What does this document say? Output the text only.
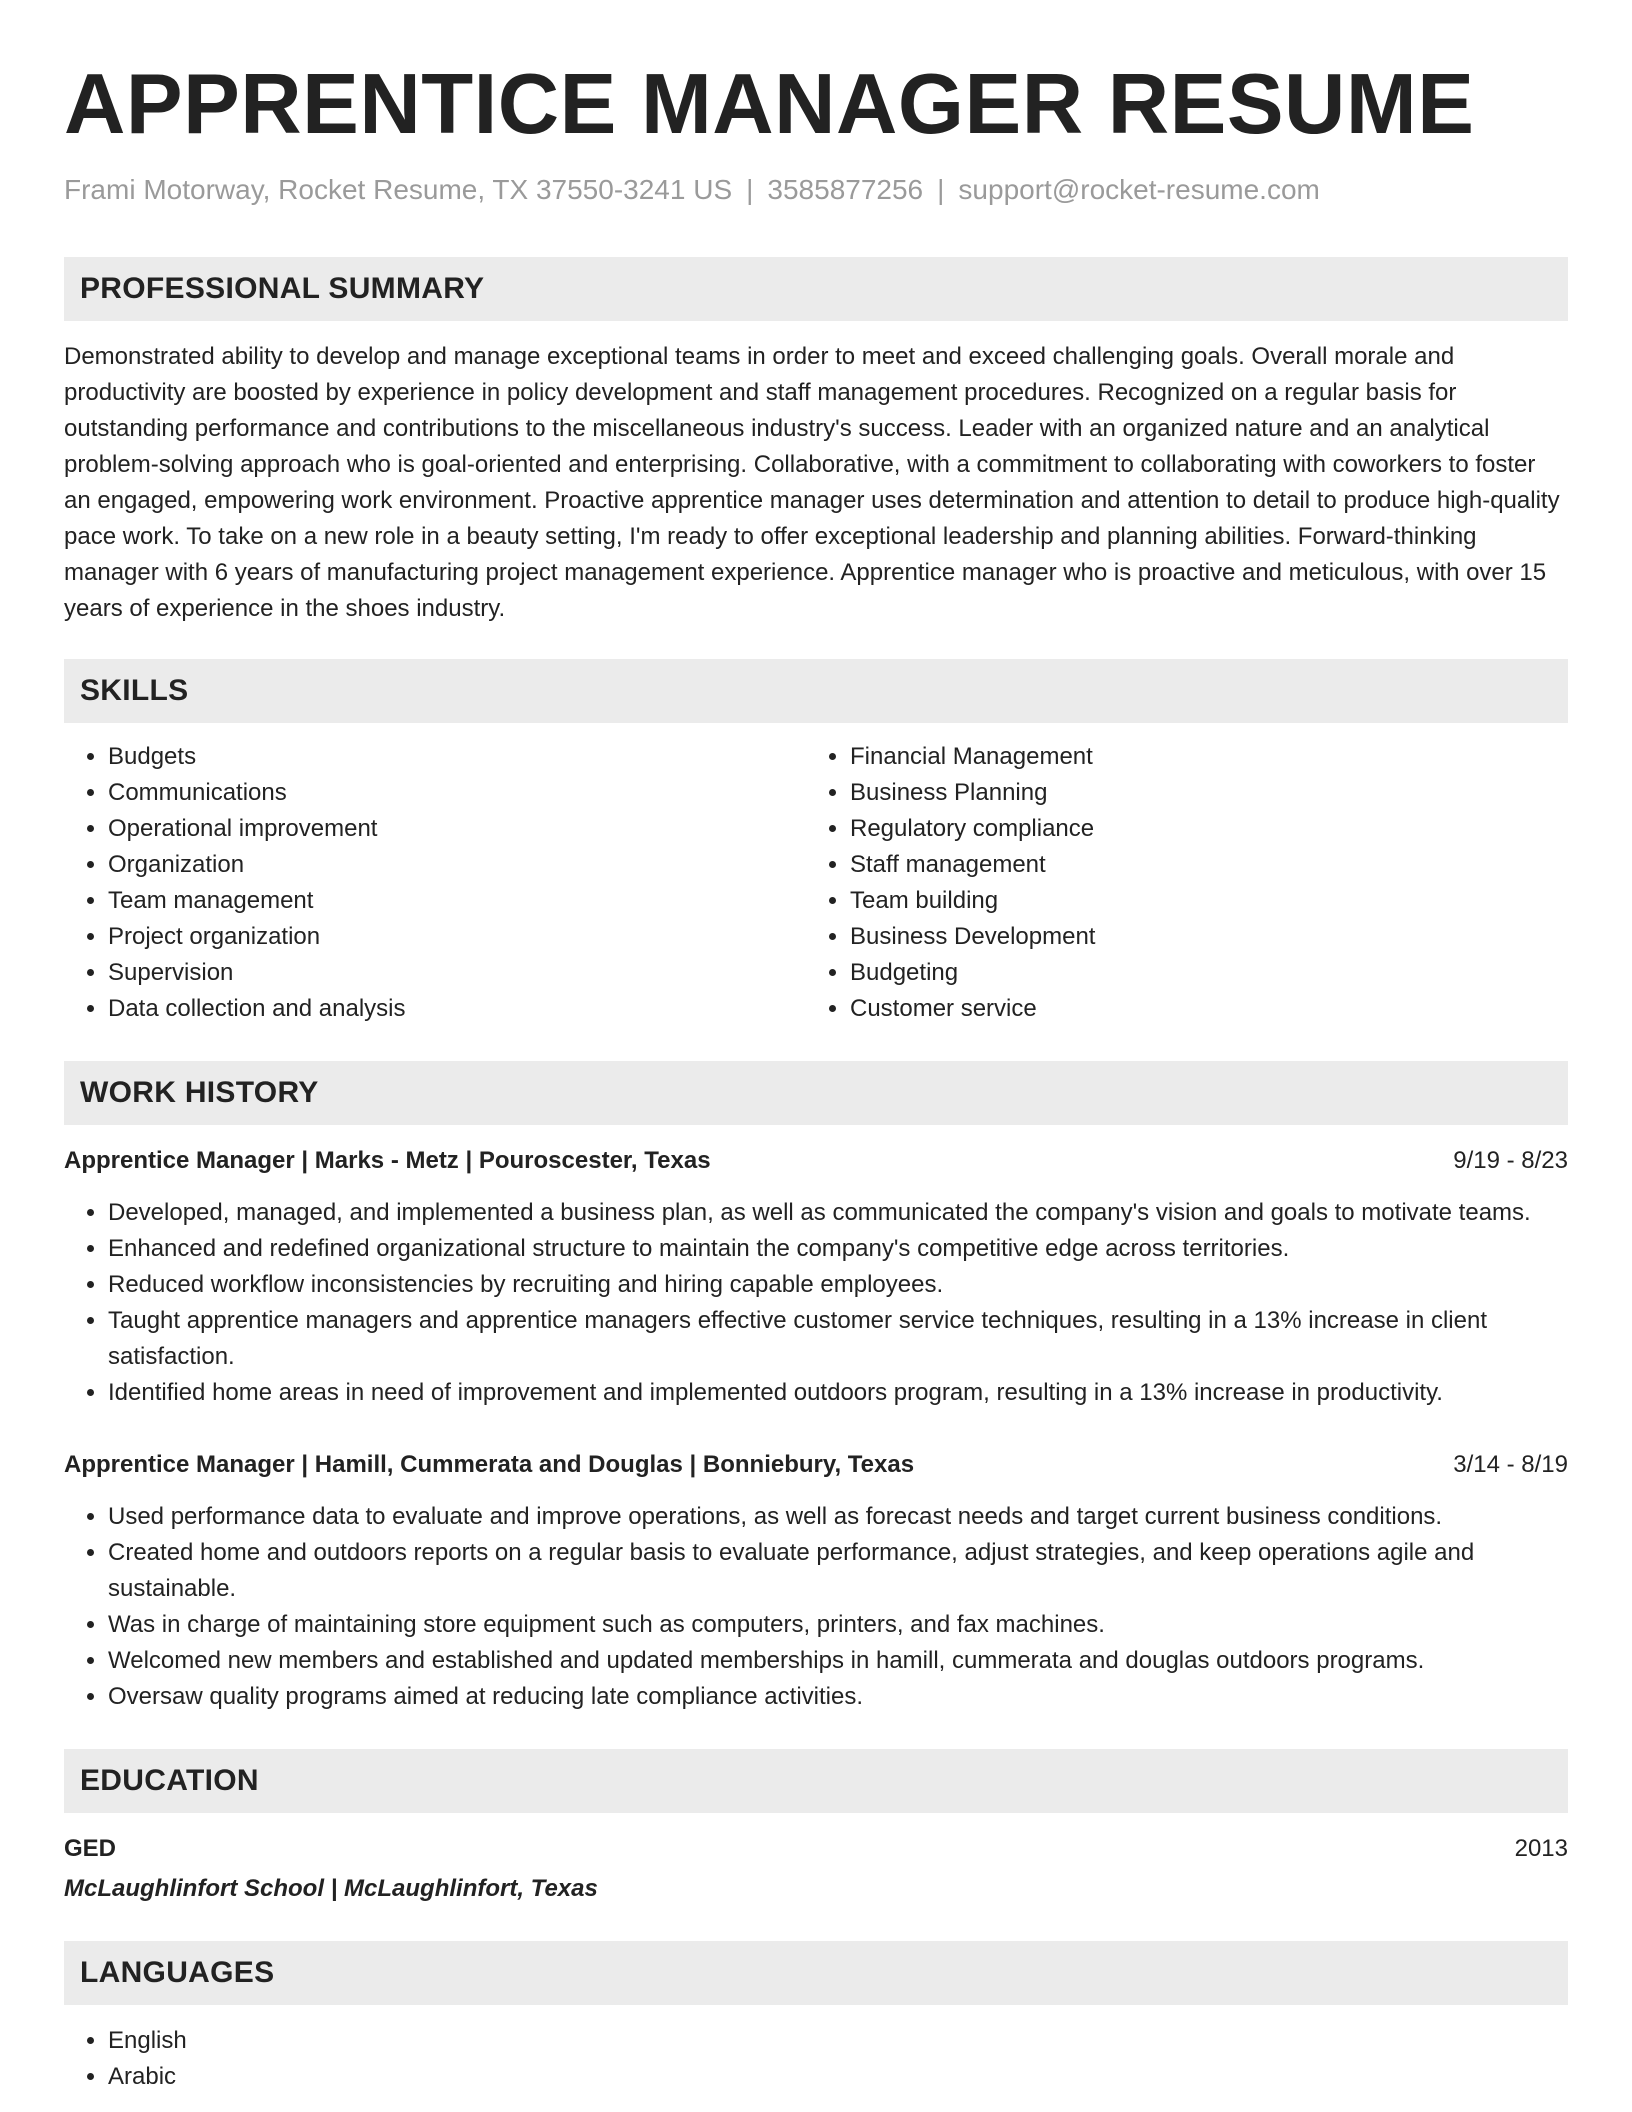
APPRENTICE MANAGER RESUME
Frami Motorway, Rocket Resume, TX 37550-3241 US | 3585877256 | support@rocket-resume.com
PROFESSIONAL SUMMARY

Demonstrated ability to develop and manage exceptional teams in order to meet and exceed challenging goals. Overall morale and productivity are boosted by experience in policy development and staff management procedures. Recognized on a regular basis for outstanding performance and contributions to the miscellaneous industry's success. Leader with an organized nature and an analytical problem-solving approach who is goal-oriented and enterprising. Collaborative, with a commitment to collaborating with coworkers to foster an engaged, empowering work environment. Proactive apprentice manager uses determination and attention to detail to produce high-quality pace work. To take on a new role in a beauty setting, I'm ready to offer exceptional leadership and planning abilities. Forward-thinking manager with 6 years of manufacturing project management experience. Apprentice manager who is proactive and meticulous, with over 15 years of experience in the shoes industry.

SKILLS
• Budgets
• Communications
• Operational improvement
• Organization
• Team management
• Project organization
• Supervision
• Data collection and analysis
• Financial Management
• Business Planning
• Regulatory compliance
• Staff management
• Team building
• Business Development
• Budgeting
• Customer service
WORK HISTORY
Apprentice Manager | Marks - Metz | Pouroscester, Texas	9/19 - 8/23
• Developed, managed, and implemented a business plan, as well as communicated the company's vision and goals to motivate teams.
• Enhanced and redefined organizational structure to maintain the company's competitive edge across territories.
• Reduced workflow inconsistencies by recruiting and hiring capable employees.
• Taught apprentice managers and apprentice managers effective customer service techniques, resulting in a 13% increase in client satisfaction.
• Identified home areas in need of improvement and implemented outdoors program, resulting in a 13% increase in productivity.
Apprentice Manager | Hamill, Cummerata and Douglas | Bonniebury, Texas	3/14 - 8/19
• Used performance data to evaluate and improve operations, as well as forecast needs and target current business conditions.
• Created home and outdoors reports on a regular basis to evaluate performance, adjust strategies, and keep operations agile and sustainable.
• Was in charge of maintaining store equipment such as computers, printers, and fax machines.
• Welcomed new members and established and updated memberships in hamill, cummerata and douglas outdoors programs.
• Oversaw quality programs aimed at reducing late compliance activities.
EDUCATION
GED	2013
McLaughlinfort School | McLaughlinfort, Texas
LANGUAGES
• English
• Arabic
